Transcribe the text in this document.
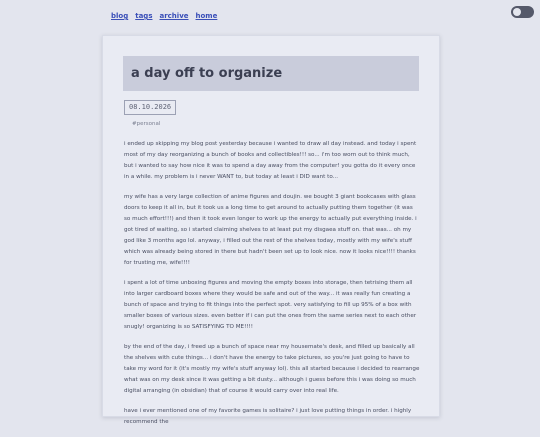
blog tags archive home
a day off to organize
08.10.2026
#personal

i ended up skipping my blog post yesterday because i wanted to draw all day instead. and today i spent most of my day reorganizing a bunch of books and collectibles!!! so... i'm too worn out to think much, but i wanted to say how nice it was to spend a day away from the computer! you gotta do it every once in a while. my problem is i never WANT to, but today at least i DID want to...

my wife has a very large collection of anime figures and doujin. we bought 3 giant bookcases with glass doors to keep it all in, but it took us a long time to get around to actually putting them together (it was so much effort!!!) and then it took even longer to work up the energy to actually put everything inside. i got tired of waiting, so i started claiming shelves to at least put my disgaea stuff on. that was... oh my god like 3 months ago lol. anyway, i filled out the rest of the shelves today, mostly with my wife's stuff which was already being stored in there but hadn't been set up to look nice. now it looks nice!!!! thanks for trusting me, wife!!!!

i spent a lot of time unboxing figures and moving the empty boxes into storage, then tetrising them all into larger cardboard boxes where they would be safe and out of the way... it was really fun creating a bunch of space and trying to fit things into the perfect spot. very satisfying to fill up 95% of a box with smaller boxes of various sizes. even better if i can put the ones from the same series next to each other snugly! organizing is so SATISFYING TO ME!!!!

by the end of the day, i freed up a bunch of space near my housemate's desk, and filled up basically all the shelves with cute things... i don't have the energy to take pictures, so you're just going to have to take my word for it (it's mostly my wife's stuff anyway lol). this all started because i decided to rearrange what was on my desk since it was getting a bit dusty... although i guess before this i was doing so much digital arranging (in obsidian) that of course it would carry over into real life.

have i ever mentioned one of my favorite games is solitaire? i just love putting things in order. i highly recommend the
